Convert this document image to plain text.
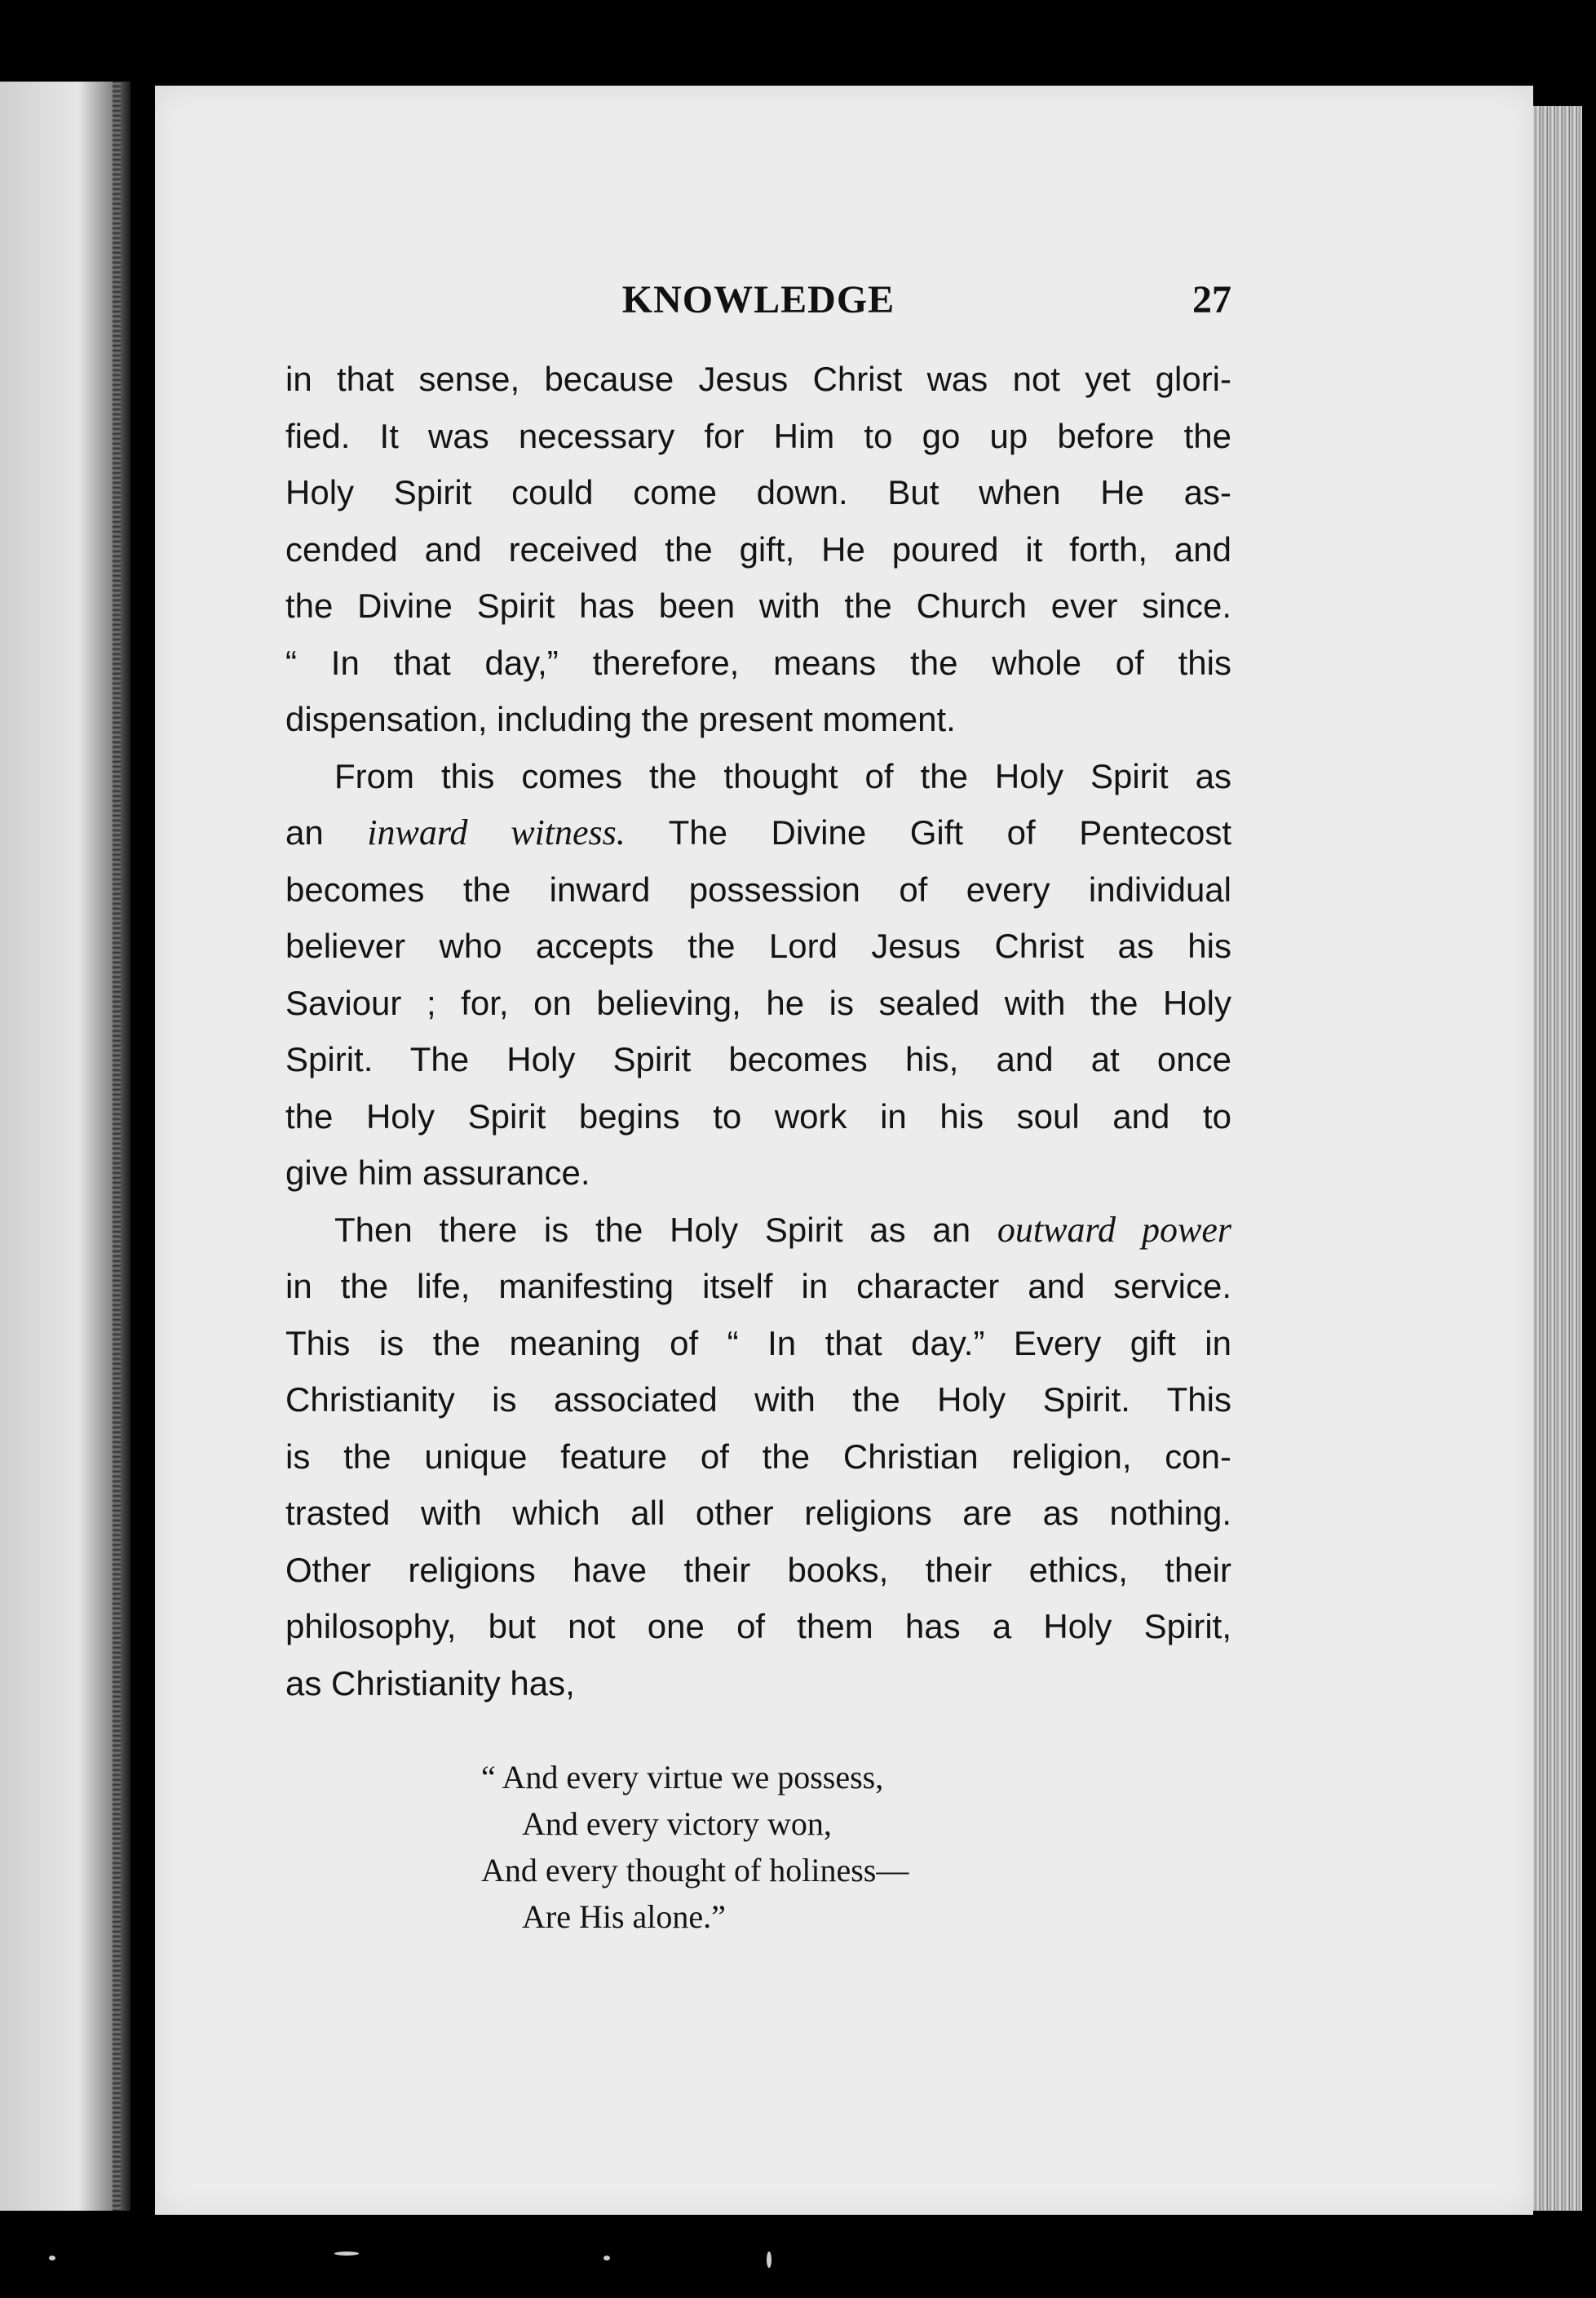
KNOWLEDGE	27
in that sense, because Jesus Christ was not yet glori-
fied. It was necessary for Him to go up before the
Holy Spirit could come down. But when He as-
cended and received the gift, He poured it forth, and
the Divine Spirit has been with the Church ever since.
“ In that day,” therefore, means the whole of this
dispensation, including the present moment.
From this comes the thought of the Holy Spirit as
an inward witness. The Divine Gift of Pentecost
becomes the inward possession of every individual
believer who accepts the Lord Jesus Christ as his
Saviour ; for, on believing, he is sealed with the Holy
Spirit. The Holy Spirit becomes his, and at once
the Holy Spirit begins to work in his soul and to
give him assurance.
Then there is the Holy Spirit as an outward power
in the life, manifesting itself in character and service.
This is the meaning of “ In that day.” Every gift in
Christianity is associated with the Holy Spirit. This
is the unique feature of the Christian religion, con-
trasted with which all other religions are as nothing.
Other religions have their books, their ethics, their
philosophy, but not one of them has a Holy Spirit,
as Christianity has,
“ And every virtue we possess,
And every victory won,
And every thought of holiness—
Are His alone.”
